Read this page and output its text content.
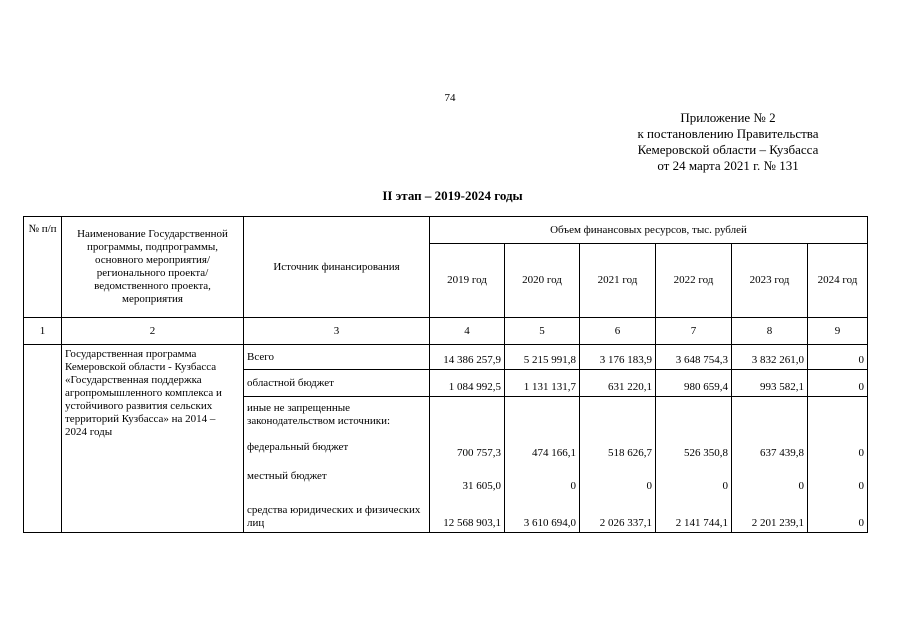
74
Приложение № 2
к постановлению Правительства
Кемеровской области – Кузбасса
от 24 марта 2021 г. № 131
II этап – 2019-2024 годы
№ п/п	Наименование Государственной программы, подпрограммы, основного мероприятия/регионального проекта/ведомственного проекта, мероприятия	Источник финансирования	Объем финансовых ресурсов, тыс. рублей					
			2019 год	2020 год	2021 год	2022 год	2023 год	2024 год
1	2	3	4	5	6	7	8	9
	Государственная программа Кемеровской области - Кузбасса «Государственная поддержка агропромышленного комплекса и устойчивого развития сельских территорий Кузбасса» на 2014 – 2024 годы	Всего	14 386 257,9	5 215 991,8	3 176 183,9	3 648 754,3	3 832 261,0	0
		областной бюджет	1 084 992,5	1 131 131,7	631 220,1	980 659,4	993 582,1	0
		иные не запрещенные законодательством источники:						
		федеральный бюджет	700 757,3	474 166,1	518 626,7	526 350,8	637 439,8	0
		местный бюджет	31 605,0	0	0	0	0	0
		средства юридических и физических лиц	12 568 903,1	3 610 694,0	2 026 337,1	2 141 744,1	2 201 239,1	0
